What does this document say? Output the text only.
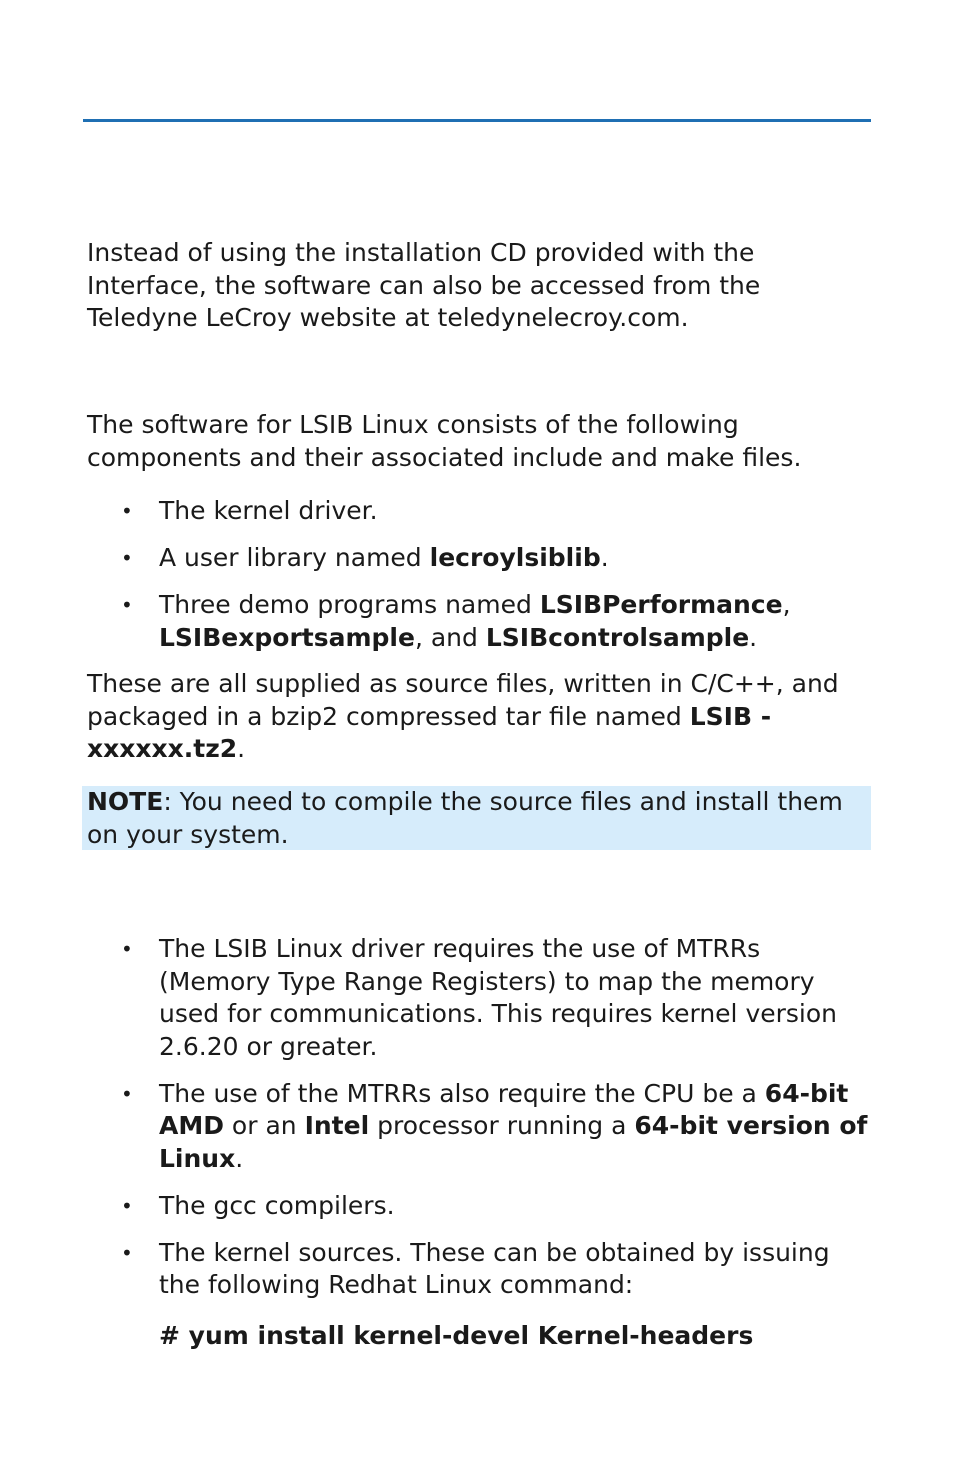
Instead of using the installation CD provided with the Interface, the software can also be accessed from the Teledyne LeCroy website at teledynelecroy.com.

The software for LSIB Linux consists of the following components and their associated include and make files.

• The kernel driver.
• A user library named lecroylsiblib.
• Three demo programs named LSIBPerformance, LSIBexportsample, and LSIBcontrolsample.

These are all supplied as source files, written in C/C++, and packaged in a bzip2 compressed tar file named LSIB -xxxxxx.tz2.

NOTE: You need to compile the source files and install them on your system.

• The LSIB Linux driver requires the use of MTRRs (Memory Type Range Registers) to map the memory used for communications. This requires kernel version 2.6.20 or greater.
• The use of the MTRRs also require the CPU be a 64-bit AMD or an Intel processor running a 64-bit version of Linux.
• The gcc compilers.
• The kernel sources. These can be obtained by issuing the following Redhat Linux command:

# yum install kernel-devel Kernel-headers
